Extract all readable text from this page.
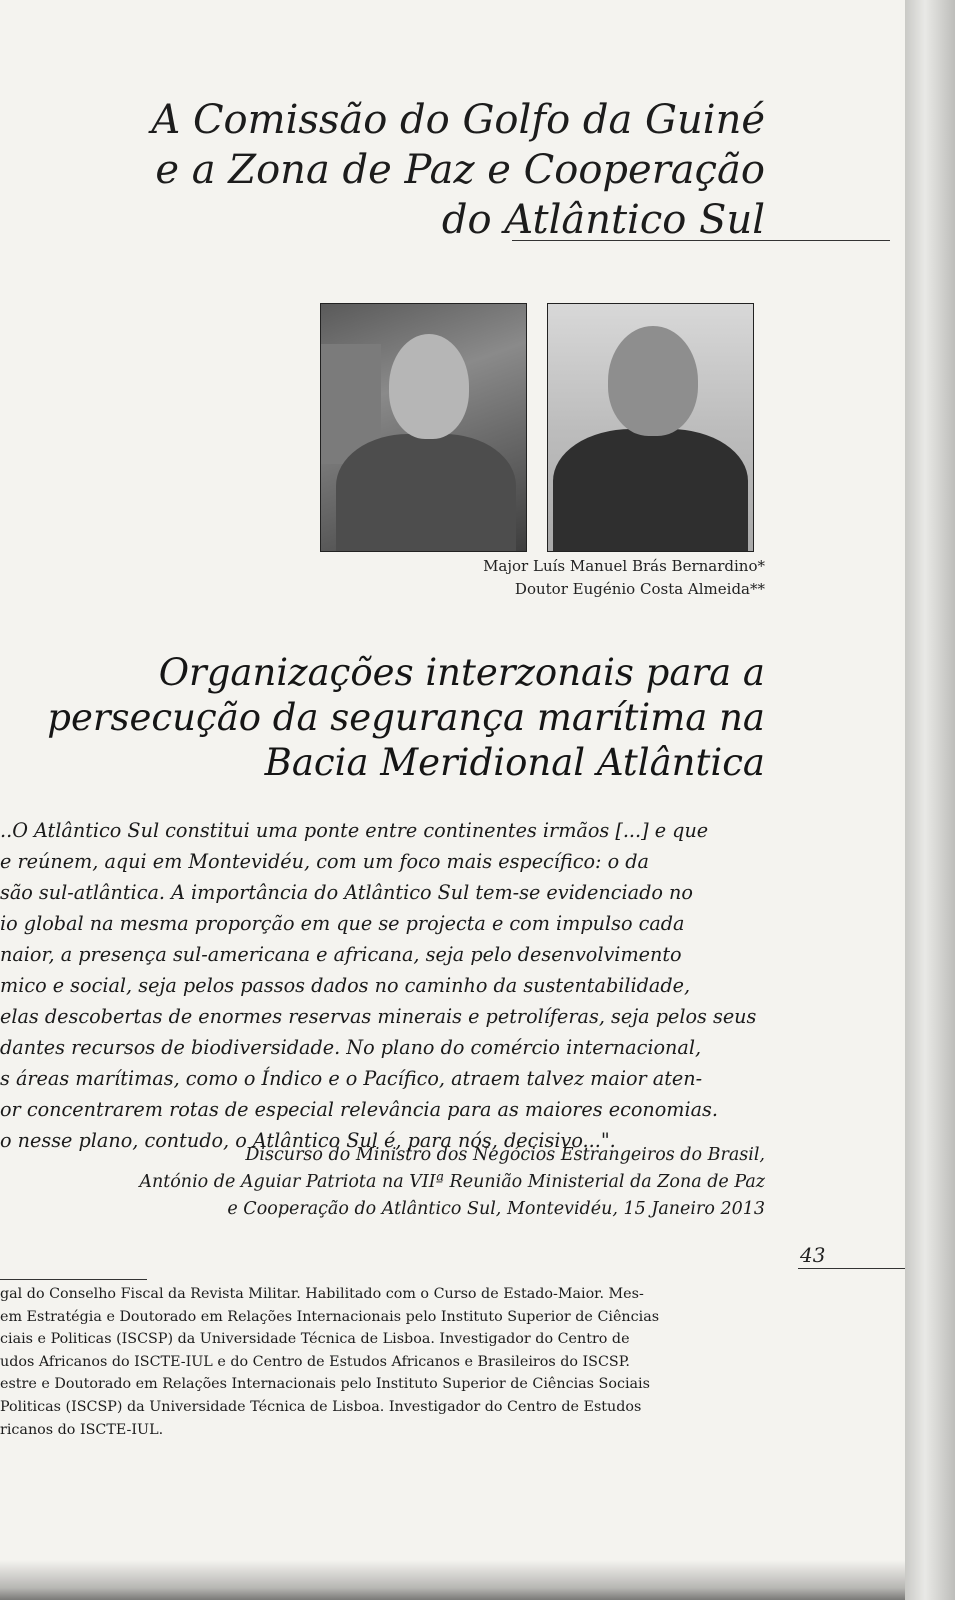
A Comissão do Golfo da Guiné
e a Zona de Paz e Cooperação
do Atlântico Sul
Major Luís Manuel Brás Bernardino*
Doutor Eugénio Costa Almeida**
Organizações interzonais para a
persecução da segurança marítima na
Bacia Meridional Atlântica
..O Atlântico Sul constitui uma ponte entre continentes irmãos [...] e que
e reúnem, aqui em Montevidéu, com um foco mais específico: o da
são sul-atlântica. A importância do Atlântico Sul tem-se evidenciado no
io global na mesma proporção em que se projecta e com impulso cada
naior, a presença sul-americana e africana, seja pelo desenvolvimento
mico e social, seja pelos passos dados no caminho da sustentabilidade,
elas descobertas de enormes reservas minerais e petrolíferas, seja pelos seus
dantes recursos de biodiversidade. No plano do comércio internacional,
s áreas marítimas, como o Índico e o Pacífico, atraem talvez maior aten-
or concentrarem rotas de especial relevância para as maiores economias.
o nesse plano, contudo, o Atlântico Sul é, para nós, decisivo...".
Discurso do Ministro dos Negócios Estrangeiros do Brasil,
António de Aguiar Patriota na VIIª Reunião Ministerial da Zona de Paz
e Cooperação do Atlântico Sul, Montevidéu, 15 Janeiro 2013
43
gal do Conselho Fiscal da Revista Militar. Habilitado com o Curso de Estado-Maior. Mes-
em Estratégia e Doutorado em Relações Internacionais pelo Instituto Superior de Ciências
ciais e Politicas (ISCSP) da Universidade Técnica de Lisboa. Investigador do Centro de
udos Africanos do ISCTE-IUL e do Centro de Estudos Africanos e Brasileiros do ISCSP.
estre e Doutorado em Relações Internacionais pelo Instituto Superior de Ciências Sociais
Politicas (ISCSP) da Universidade Técnica de Lisboa. Investigador do Centro de Estudos
ricanos do ISCTE-IUL.
